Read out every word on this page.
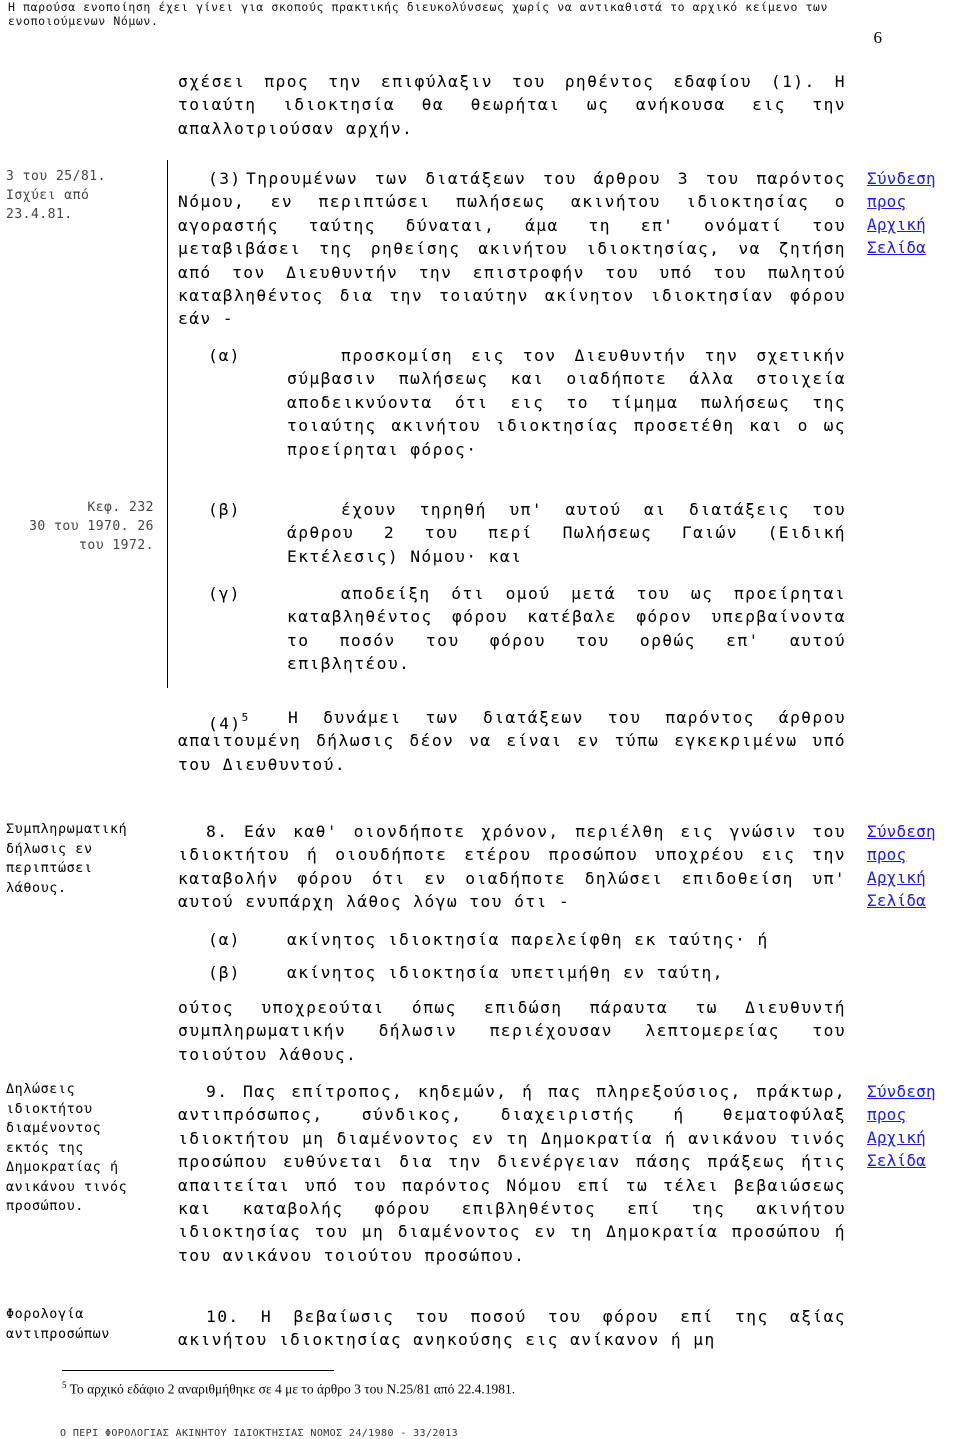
Η παρούσα ενοποίηση έχει γίνει για σκοπούς πρακτικής διευκολύνσεως χωρίς να αντικαθιστά το αρχικό κείμενο των
ενοποιούμενων Νόμων.
6
σχέσει προς την επιφύλαξιν του ρηθέντος εδαφίου (1). Η τοιαύτη ιδιοκτησία θα θεωρήται ως ανήκουσα εις την απαλλοτριούσαν αρχήν.
3 του 25/81.
Ισχύει από
23.4.81.
Κεφ. 232
30 του 1970. 26
του 1972.
(3) Τηρουμένων των διατάξεων του άρθρου 3 του παρόντος Νόμου, εν περιπτώσει πωλήσεως ακινήτου ιδιοκτησίας ο αγοραστής ταύτης δύναται, άμα τη επ' ονόματί του μεταβιβάσει της ρηθείσης ακινήτου ιδιοκτησίας, να ζητήση από τον Διευθυντήν την επιστροφήν του υπό του πωλητού καταβληθέντος δια την τοιαύτην ακίνητον ιδιοκτησίαν φόρου εάν -
(α)	προσκομίση εις τον Διευθυντήν την σχετικήν σύμβασιν πωλήσεως και οιαδήποτε άλλα στοιχεία αποδεικνύοντα ότι εις το τίμημα πωλήσεως της τοιαύτης ακινήτου ιδιοκτησίας προσετέθη και ο ως προείρηται φόρος·
(β)	έχουν τηρηθή υπ' αυτού αι διατάξεις του άρθρου 2 του περί Πωλήσεως Γαιών (Ειδική Εκτέλεσις) Νόμου· και
(γ)	αποδείξη ότι ομού μετά του ως προείρηται καταβληθέντος φόρου κατέβαλε φόρον υπερβαίνοντα το ποσόν του φόρου του ορθώς επ' αυτού επιβλητέου.
$(4)^5$	Η δυνάμει των διατάξεων του παρόντος άρθρου απαιτουμένη δήλωσις δέον να είναι εν τύπω εγκεκριμένω υπό του Διευθυντού.
Συμπληρωματική
δήλωσις εν
περιπτώσει
λάθους.
8. Εάν καθ' οιονδήποτε χρόνον, περιέλθη εις γνώσιν του ιδιοκτήτου ή οιουδήποτε ετέρου προσώπου υποχρέου εις την καταβολήν φόρου ότι εν οιαδήποτε δηλώσει επιδοθείση υπ' αυτού ενυπάρχη λάθος λόγω του ότι -
(α)	ακίνητος ιδιοκτησία παρελείφθη εκ ταύτης· ή
(β)	ακίνητος ιδιοκτησία υπετιμήθη εν ταύτη,
ούτος υποχρεούται όπως επιδώση πάραυτα τω Διευθυντή συμπληρωματικήν δήλωσιν περιέχουσαν λεπτομερείας του τοιούτου λάθους.
Δηλώσεις
ιδιοκτήτου
διαμένοντος
εκτός της
Δημοκρατίας ή
ανικάνου τινός
προσώπου.
9. Πας επίτροπος, κηδεμών, ή πας πληρεξούσιος, πράκτωρ, αντιπρόσωπος, σύνδικος, διαχειριστής ή θεματοφύλαξ ιδιοκτήτου μη διαμένοντος εν τη Δημοκρατία ή ανικάνου τινός προσώπου ευθύνεται δια την διενέργειαν πάσης πράξεως ήτις απαιτείται υπό του παρόντος Νόμου επί τω τέλει βεβαιώσεως και καταβολής φόρου επιβληθέντος επί της ακινήτου ιδιοκτησίας του μη διαμένοντος εν τη Δημοκρατία προσώπου ή του ανικάνου τοιούτου προσώπου.
Φορολογία
αντιπροσώπων
10. Η βεβαίωσις του ποσού του φόρου επί της αξίας ακινήτου ιδιοκτησίας ανηκούσης εις ανίκανον ή μη
Σύνδεση
προς
Αρχική
Σελίδα
Σύνδεση
προς
Αρχική
Σελίδα
Σύνδεση
προς
Αρχική
Σελίδα
$^5$ Το αρχικό εδάφιο 2 αναριθμήθηκε σε 4 με το άρθρο 3 του Ν.25/81 από 22.4.1981.
Ο ΠΕΡΙ ΦΟΡΟΛΟΓΙΑΣ ΑΚΙΝΗΤΟΥ ΙΔΙΟΚΤΗΣΙΑΣ ΝΟΜΟΣ 24/1980 - 33/2013
